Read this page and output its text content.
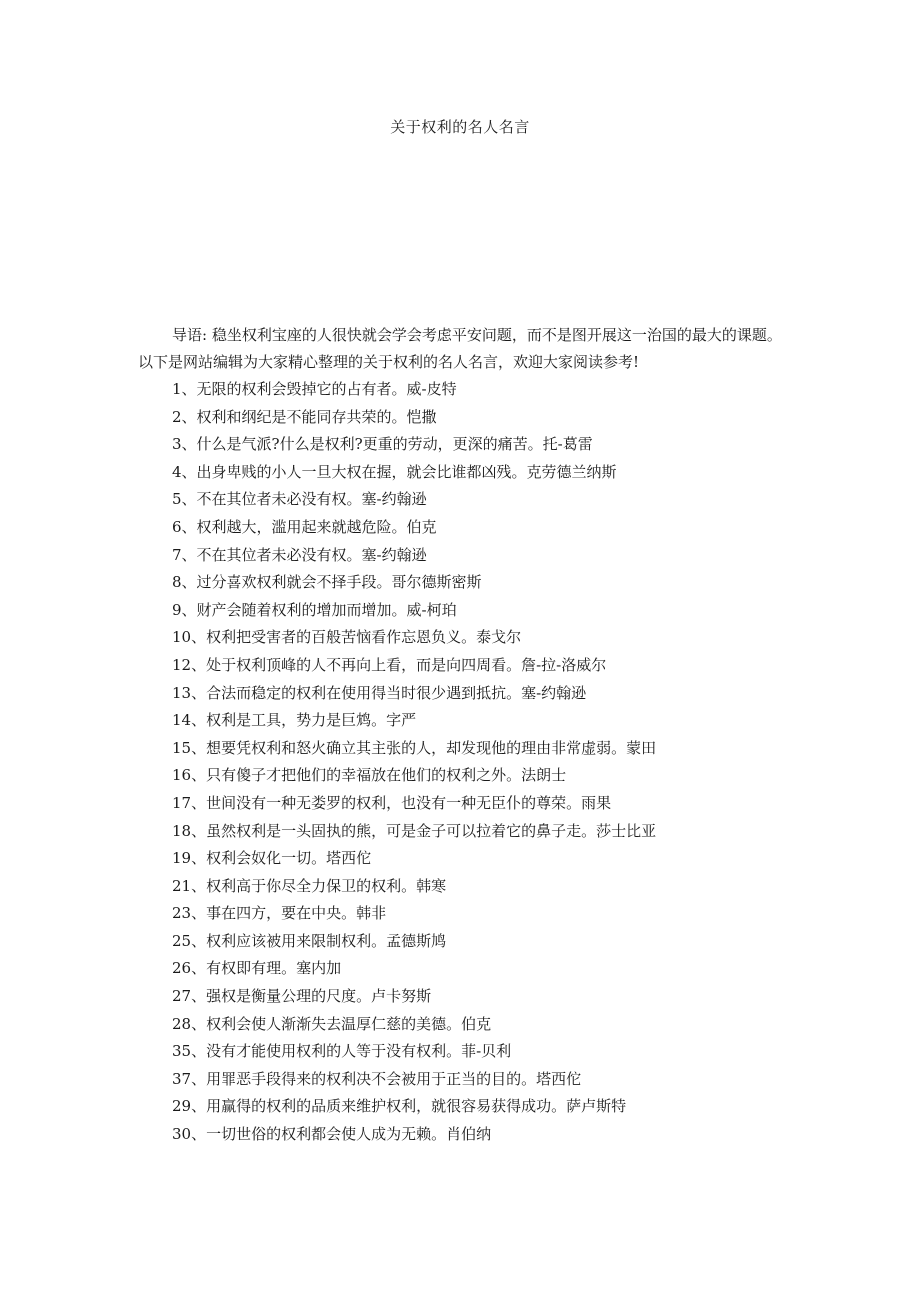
关于权利的名人名言

导语: 稳坐权利宝座的人很快就会学会考虑平安问题，而不是图开展这一治国的最大的课题。以下是网站编辑为大家精心整理的关于权利的名人名言，欢迎大家阅读参考!

1、无限的权利会毁掉它的占有者。威-皮特
2、权利和纲纪是不能同存共荣的。恺撒
3、什么是气派?什么是权利?更重的劳动，更深的痛苦。托-葛雷
4、出身卑贱的小人一旦大权在握，就会比谁都凶残。克劳德兰纳斯
5、不在其位者未必没有权。塞-约翰逊
6、权利越大，滥用起来就越危险。伯克
7、不在其位者未必没有权。塞-约翰逊
8、过分喜欢权利就会不择手段。哥尔德斯密斯
9、财产会随着权利的增加而增加。威-柯珀
10、权利把受害者的百般苦恼看作忘恩负义。泰戈尔
12、处于权利顶峰的人不再向上看，而是向四周看。詹-拉-洛威尔
13、合法而稳定的权利在使用得当时很少遇到抵抗。塞-约翰逊
14、权利是工具，势力是巨鸩。字严
15、想要凭权利和怒火确立其主张的人，却发现他的理由非常虚弱。蒙田
16、只有傻子才把他们的幸福放在他们的权利之外。法朗士
17、世间没有一种无娄罗的权利，也没有一种无臣仆的尊荣。雨果
18、虽然权利是一头固执的熊，可是金子可以拉着它的鼻子走。莎士比亚
19、权利会奴化一切。塔西佗
21、权利高于你尽全力保卫的权利。韩寒
23、事在四方，要在中央。韩非
25、权利应该被用来限制权利。孟德斯鸠
26、有权即有理。塞内加
27、强权是衡量公理的尺度。卢卡努斯
28、权利会使人渐渐失去温厚仁慈的美德。伯克
35、没有才能使用权利的人等于没有权利。菲-贝利
37、用罪恶手段得来的权利决不会被用于正当的目的。塔西佗
29、用赢得的权利的品质来维护权利，就很容易获得成功。萨卢斯特
30、一切世俗的权利都会使人成为无赖。肖伯纳
